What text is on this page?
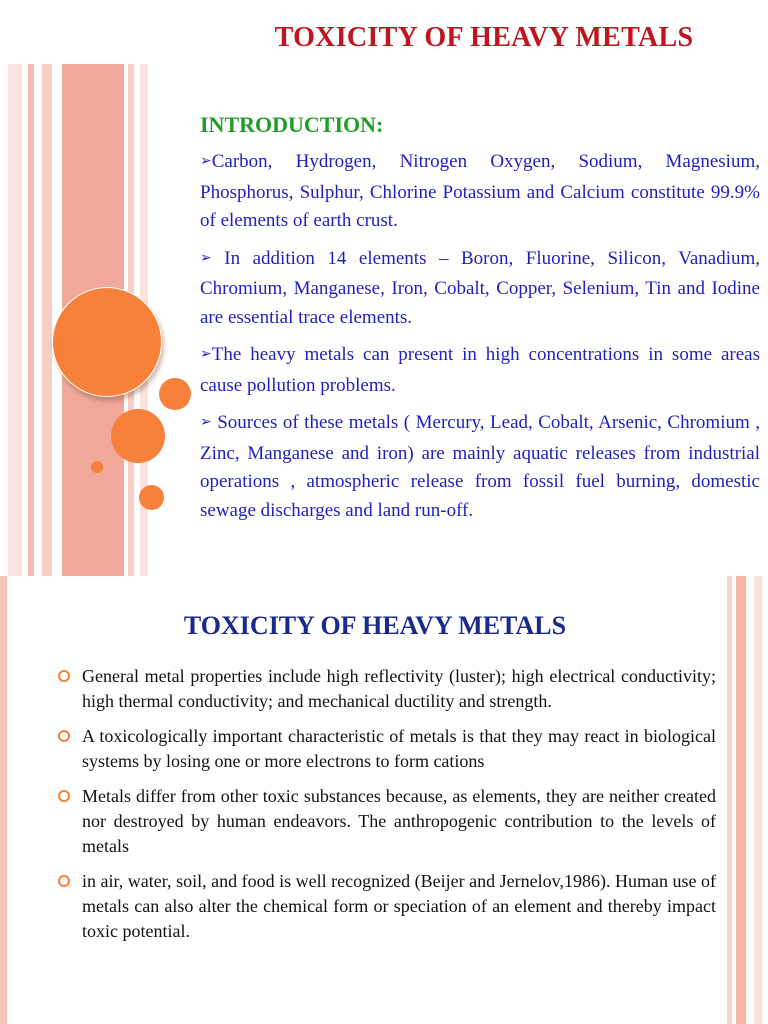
TOXICITY OF HEAVY METALS
INTRODUCTION:

➢Carbon, Hydrogen, Nitrogen Oxygen, Sodium, Magnesium, Phosphorus, Sulphur, Chlorine Potassium and Calcium constitute 99.9% of elements of earth crust.

➢ In addition 14 elements – Boron, Fluorine, Silicon, Vanadium, Chromium, Manganese, Iron, Cobalt, Copper, Selenium, Tin and Iodine are essential trace elements.

➢The heavy metals can present in high concentrations in some areas cause pollution problems.

➢ Sources of these metals ( Mercury, Lead, Cobalt, Arsenic, Chromium , Zinc, Manganese and iron) are mainly aquatic releases from industrial operations , atmospheric release from fossil fuel burning, domestic sewage discharges and land run-off.

TOXICITY OF HEAVY METALS
General metal properties include high reflectivity (luster); high electrical conductivity; high thermal conductivity; and mechanical ductility and strength.
A toxicologically important characteristic of metals is that they may react in biological systems by losing one or more electrons to form cations
Metals differ from other toxic substances because, as elements, they are neither created nor destroyed by human endeavors. The anthropogenic contribution to the levels of metals
in air, water, soil, and food is well recognized (Beijer and Jernelov,1986). Human use of metals can also alter the chemical form or speciation of an element and thereby impact toxic potential.
